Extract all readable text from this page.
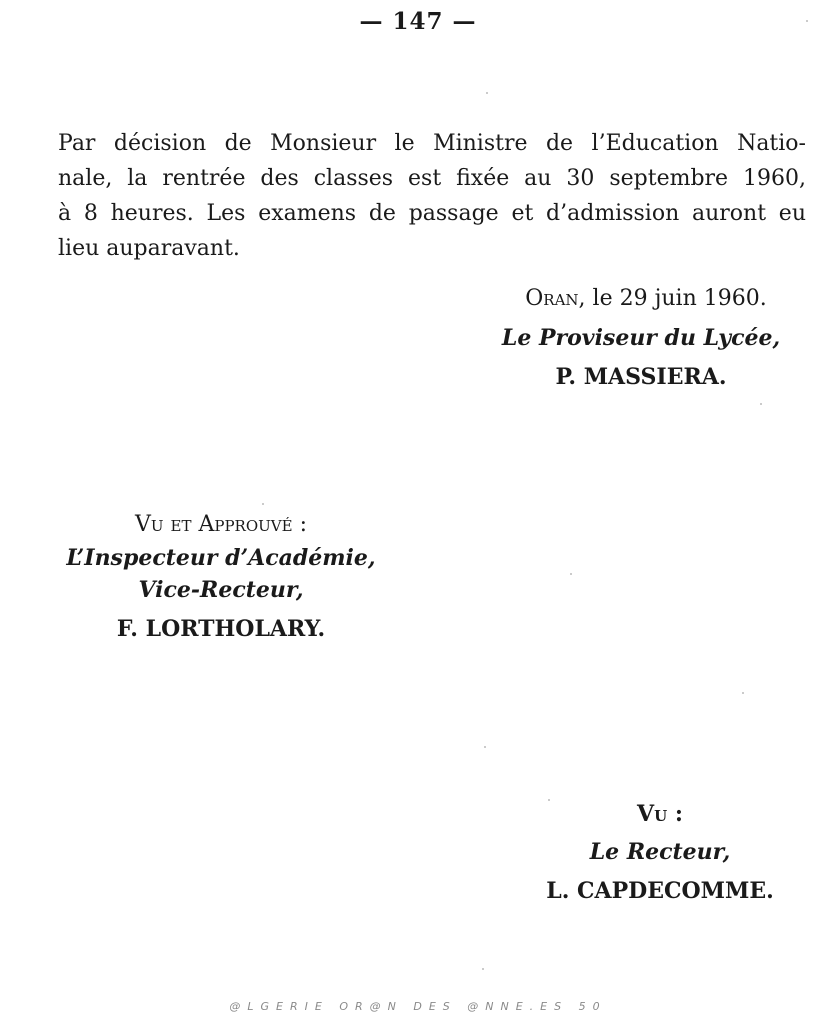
— 147 —

Par décision de Monsieur le Ministre de l’Education Natio-
nale, la rentrée des classes est fixée au 30 septembre 1960,
à 8 heures. Les examens de passage et d’admission auront eu
lieu auparavant.

Oran, le 29 juin 1960.
Le Proviseur du Lycée,
P. MASSIERA.
Vu et Approuvé :
L’Inspecteur d’Académie,
Vice-Recteur,
F. LORTHOLARY.
Vu :
Le Recteur,
L. CAPDECOMME.
@LGERIE OR@N DES @NNE.ES 50
